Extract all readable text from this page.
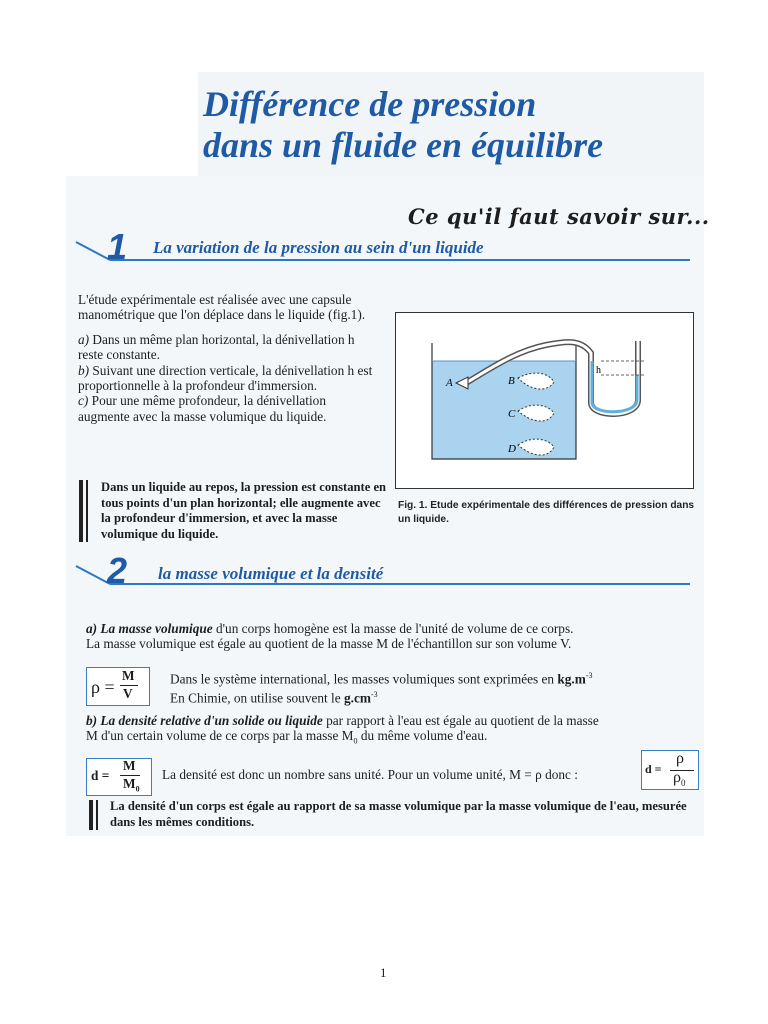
Différence de pression
dans un fluide en équilibre
Ce qu'il faut savoir sur...
1 La variation de la pression au sein d'un liquide

L'étude expérimentale est réalisée avec une capsule manométrique que l'on déplace dans le liquide (fig.1).

a) Dans un même plan horizontal, la dénivellation h reste constante.

b) Suivant une direction verticale, la dénivellation h est proportionnelle à la profondeur d'immersion.

c) Pour une même profondeur, la dénivellation augmente avec la masse volumique du liquide.

Dans un liquide au repos, la pression est constante en tous points d'un plan horizontal; elle augmente avec la profondeur d'immersion, et avec la masse volumique du liquide.

A	B
C
D
h
Fig. 1. Etude expérimentale des différences de pression dans un liquide.
2 la masse volumique et la densité

a) La masse volumique d'un corps homogène est la masse de l'unité de volume de ce corps.

La masse volumique est égale au quotient de la masse M de l'échantillon sur son volume V.

ρ =
M
V

Dans le système international, les masses volumiques sont exprimées en $kg.m^{-3}$

En Chimie, on utilise souvent le $g.cm^{-3}$

b) La densité relative d'un solide ou liquide par rapport à l'eau est égale au quotient de la masse

M d'un certain volume de ce corps par la masse $M_0$ du même volume d'eau.

d =
M
$M_0$
La densité est donc un nombre sans unité. Pour un volume unité, M = ρ donc :	d =
ρ
$\rho_0$

La densité d'un corps est égale au rapport de sa masse volumique par la masse volumique de l'eau, mesurée dans les mêmes conditions.

1
